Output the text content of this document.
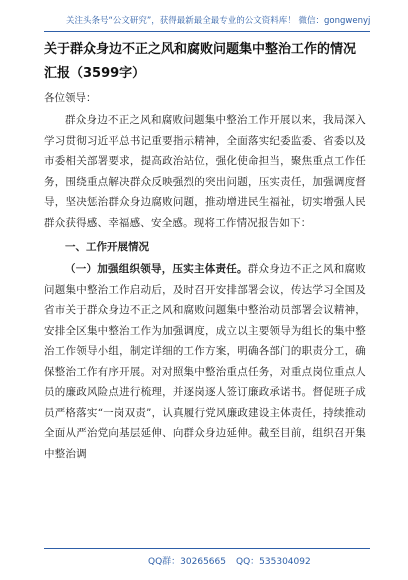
关注头条号“公文研究”，获得最新最全最专业的公文资料库！ 微信：gongwenyj
关于群众身边不正之风和腐败问题集中整治工作的情况汇报（3599字）

各位领导：

群众身边不正之风和腐败问题集中整治工作开展以来，我局深入学习贯彻习近平总书记重要指示精神，全面落实纪委监委、省委以及市委相关部署要求，提高政治站位，强化使命担当，聚焦重点工作任务，围绕重点解决群众反映强烈的突出问题，压实责任，加强调度督导，坚决惩治群众身边腐败问题，推动增进民生福祉，切实增强人民群众获得感、幸福感、安全感。现将工作情况报告如下：

一、工作开展情况

（一）加强组织领导，压实主体责任。群众身边不正之风和腐败问题集中整治工作启动后，及时召开安排部署会议，传达学习全国及省市关于群众身边不正之风和腐败问题集中整治动员部署会议精神，安排全区集中整治工作为加强调度，成立以主要领导为组长的集中整治工作领导小组，制定详细的工作方案，明确各部门的职责分工，确保整治工作有序开展。对对照集中整治重点任务，对重点岗位重点人员的廉政风险点进行梳理，并逐岗逐人签订廉政承诺书。督促班子成员严格落实“一岗双责”，认真履行党风廉政建设主体责任，持续推动全面从严治党向基层延伸、向群众身边延伸。截至目前，组织召开集中整治调

QQ群：30265665 QQ：535304092
